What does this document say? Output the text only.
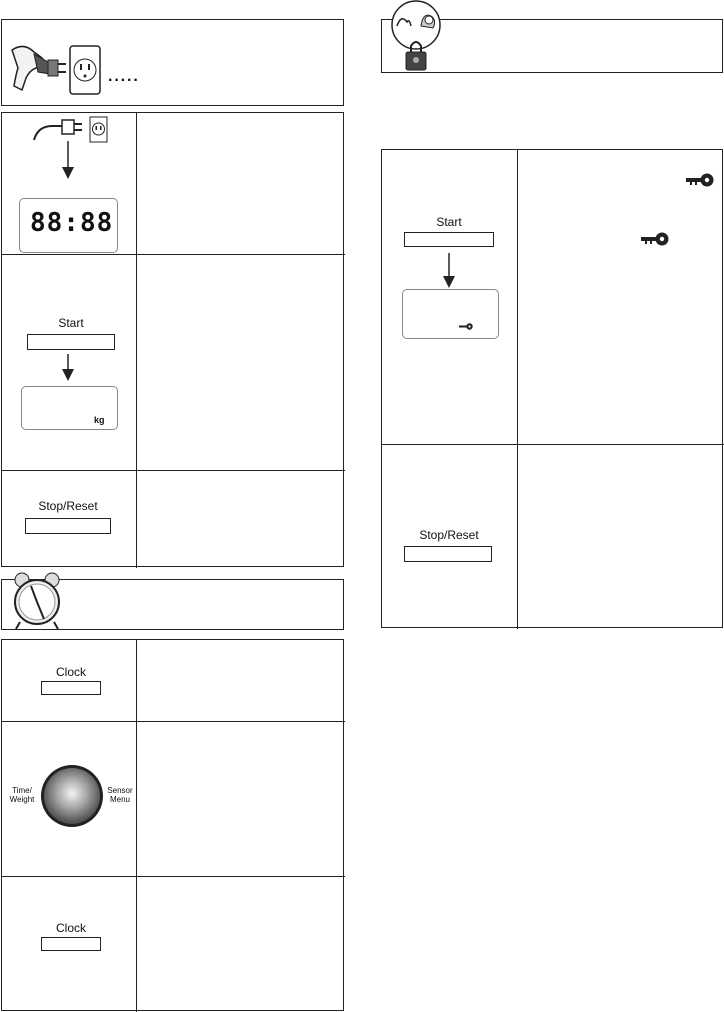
·····
88:88
Start
kg
Stop/Reset
Clock
Time/
Weight
Sensor
Menu
Clock
Start
Stop/Reset
